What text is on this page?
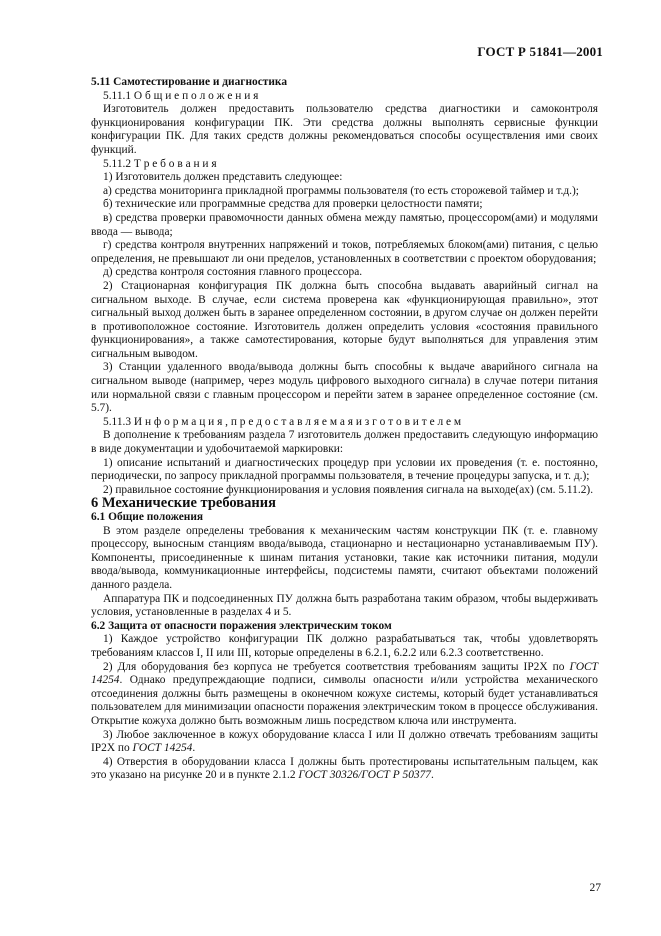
ГОСТ Р 51841—2001

5.11 Самотестирование и диагностика

5.11.1 О б щ и е п о л о ж е н и я

Изготовитель должен предоставить пользователю средства диагностики и самоконтроля функционирования конфигурации ПК. Эти средства должны выполнять сервисные функции конфигурации ПК. Для таких средств должны рекомендоваться способы осуществления ими своих функций.

5.11.2 Т р е б о в а н и я

1) Изготовитель должен представить следующее:

а) средства мониторинга прикладной программы пользователя (то есть сторожевой таймер и т.д.);

б) технические или программные средства для проверки целостности памяти;

в) средства проверки правомочности данных обмена между памятью, процессором(ами) и модулями ввода — вывода;

г) средства контроля внутренних напряжений и токов, потребляемых блоком(ами) питания, с целью определения, не превышают ли они пределов, установленных в соответствии с проектом оборудования;

д) средства контроля состояния главного процессора.

2) Стационарная конфигурация ПК должна быть способна выдавать аварийный сигнал на сигнальном выходе. В случае, если система проверена как «функционирующая правильно», этот сигнальный выход должен быть в заранее определенном состоянии, в другом случае он должен перейти в противоположное состояние. Изготовитель должен определить условия «состояния правильного функционирования», а также самотестирования, которые будут выполняться для управления этим сигнальным выводом.

3) Станции удаленного ввода/вывода должны быть способны к выдаче аварийного сигнала на сигнальном выводе (например, через модуль цифрового выходного сигнала) в случае потери питания или нормальной связи с главным процессором и перейти затем в заранее определенное состояние (см. 5.7).

5.11.3 И н ф о р м а ц и я , п р е д о с т а в л я е м а я и з г о т о в и т е л е м

В дополнение к требованиям раздела 7 изготовитель должен предоставить следующую информацию в виде документации и удобочитаемой маркировки:

1) описание испытаний и диагностических процедур при условии их проведения (т. е. постоянно, периодически, по запросу прикладной программы пользователя, в течение процедуры запуска, и т. д.);

2) правильное состояние функционирования и условия появления сигнала на выходе(ах) (см. 5.11.2).

6 Механические требования

6.1 Общие положения

В этом разделе определены требования к механическим частям конструкции ПК (т. е. главному процессору, выносным станциям ввода/вывода, стационарно и нестационарно устанавливаемым ПУ). Компоненты, присоединенные к шинам питания установки, такие как источники питания, модули ввода/вывода, коммуникационные интерфейсы, подсистемы памяти, считают объектами положений данного раздела.

Аппаратура ПК и подсоединенных ПУ должна быть разработана таким образом, чтобы выдерживать условия, установленные в разделах 4 и 5.

6.2 Защита от опасности поражения электрическим током

1) Каждое устройство конфигурации ПК должно разрабатываться так, чтобы удовлетворять требованиям классов I, II или III, которые определены в 6.2.1, 6.2.2 или 6.2.3 соответственно.

2) Для оборудования без корпуса не требуется соответствия требованиям защиты IP2X по ГОСТ 14254. Однако предупреждающие подписи, символы опасности и/или устройства механического отсоединения должны быть размещены в оконечном кожухе системы, который будет устанавливаться пользователем для минимизации опасности поражения электрическим током в процессе обслуживания. Открытие кожуха должно быть возможным лишь посредством ключа или инструмента.

3) Любое заключенное в кожух оборудование класса I или II должно отвечать требованиям защиты IP2X по ГОСТ 14254.

4) Отверстия в оборудовании класса I должны быть протестированы испытательным пальцем, как это указано на рисунке 20 и в пункте 2.1.2 ГОСТ 30326/ГОСТ Р 50377.

27
